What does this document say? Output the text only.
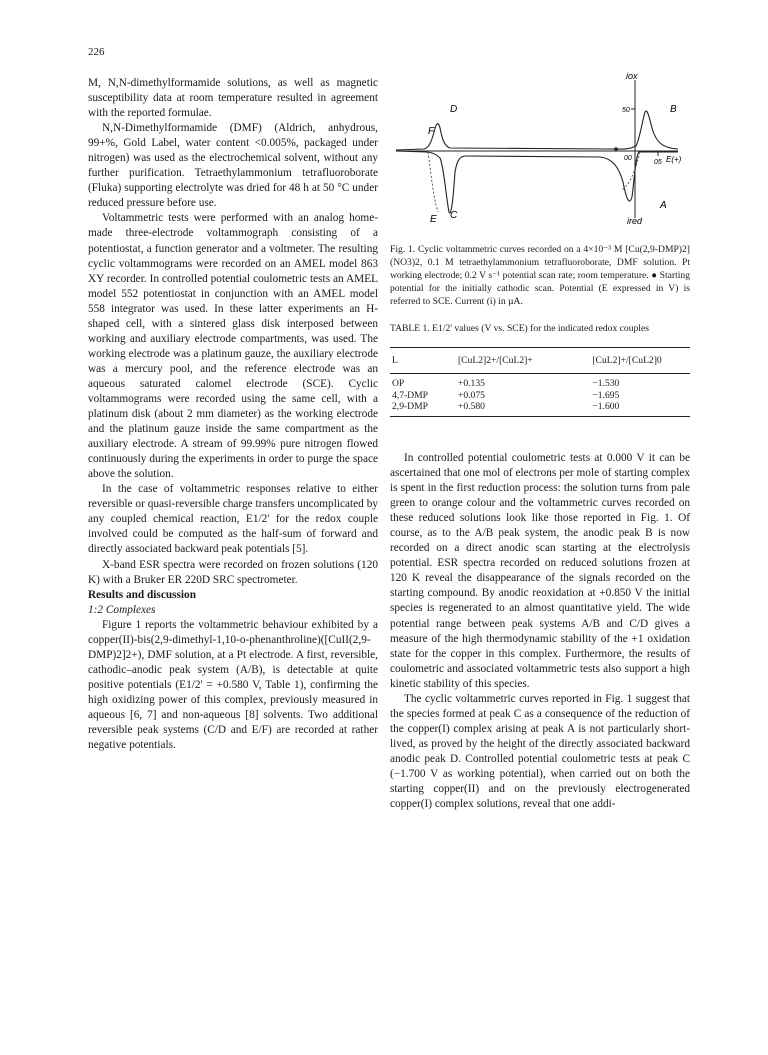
226

M, N,N-dimethylformamide solutions, as well as magnetic susceptibility data at room temperature resulted in agreement with the reported formulae.

N,N-Dimethylformamide (DMF) (Aldrich, anhydrous, 99+%, Gold Label, water content <0.005%, packaged under nitrogen) was used as the electrochemical solvent, without any further purification. Tetraethylammonium tetrafluoroborate (Fluka) supporting electrolyte was dried for 48 h at 50 °C under reduced pressure before use.

Voltammetric tests were performed with an analog home-made three-electrode voltammograph consisting of a potentiostat, a function generator and a voltmeter. The resulting cyclic voltammograms were recorded on an AMEL model 863 XY recorder. In controlled potential coulometric tests an AMEL model 552 potentiostat in conjunction with an AMEL model 558 integrator was used. In these latter experiments an H-shaped cell, with a sintered glass disk interposed between working and auxiliary electrode compartments, was used. The working electrode was a platinum gauze, the auxiliary electrode was a mercury pool, and the reference electrode was an aqueous saturated calomel electrode (SCE). Cyclic voltammograms were recorded using the same cell, with a platinum disk (about 2 mm diameter) as the working electrode and the platinum gauze inside the same compartment as the auxiliary electrode. A stream of 99.99% pure nitrogen flowed continuously during the experiments in order to purge the space above the solution.

In the case of voltammetric responses relative to either reversible or quasi-reversible charge transfers uncomplicated by any coupled chemical reaction, E1/2' for the redox couple involved could be computed as the half-sum of forward and directly associated backward peak potentials [5].

X-band ESR spectra were recorded on frozen solutions (120 K) with a Bruker ER 220D SRC spectrometer.

Results and discussion

1:2 Complexes

Figure 1 reports the voltammetric behaviour exhibited by a copper(II)-bis(2,9-dimethyl-1,10-o-phenanthroline)([CuII(2,9-DMP)2]2+), DMF solution, at a Pt electrode. A first, reversible, cathodic–anodic peak system (A/B), is detectable at quite positive potentials (E1/2' = +0.580 V, Table 1), confirming the high oxidizing power of this complex, previously measured in aqueous [6, 7] and non-aqueous [8] solvents. Two additional reversible peak systems (C/D and E/F) are recorded at rather negative potentials.

iox
ired
50
00
05 E(+)
B
D
F
E C
A
Fig. 1. Cyclic voltammetric curves recorded on a 4×10⁻³ M [Cu(2,9-DMP)2](NO3)2, 0.1 M tetraethylammonium tetrafluoroborate, DMF solution. Pt working electrode; 0.2 V s⁻¹ potential scan rate; room temperature. ● Starting potential for the initially cathodic scan. Potential (E expressed in V) is referred to SCE. Current (i) in µA.
TABLE 1. E1/2' values (V vs. SCE) for the indicated redox couples
L	[CuL2]2+/[CuL2]+	[CuL2]+/[CuL2]0
OP	+0.135	−1.530
4,7-DMP	+0.075	−1.695
2,9-DMP	+0.580	−1.600

In controlled potential coulometric tests at 0.000 V it can be ascertained that one mol of electrons per mole of starting complex is spent in the first reduction process: the solution turns from pale green to orange colour and the voltammetric curves recorded on these reduced solutions look like those reported in Fig. 1. Of course, as to the A/B peak system, the anodic peak B is now recorded on a direct anodic scan starting at the electrolysis potential. ESR spectra recorded on reduced solutions frozen at 120 K reveal the disappearance of the signals recorded on the starting compound. By anodic reoxidation at +0.850 V the initial species is regenerated to an almost quantitative yield. The wide potential range between peak systems A/B and C/D gives a measure of the high thermodynamic stability of the +1 oxidation state for the copper in this complex. Furthermore, the results of coulometric and associated voltammetric tests also support a high kinetic stability of this species.

The cyclic voltammetric curves reported in Fig. 1 suggest that the species formed at peak C as a consequence of the reduction of the copper(I) complex arising at peak A is not particularly short-lived, as proved by the height of the directly associated backward anodic peak D. Controlled potential coulometric tests at peak C (−1.700 V as working potential), when carried out on both the starting copper(II) and on the previously electrogenerated copper(I) complex solutions, reveal that one addi-
